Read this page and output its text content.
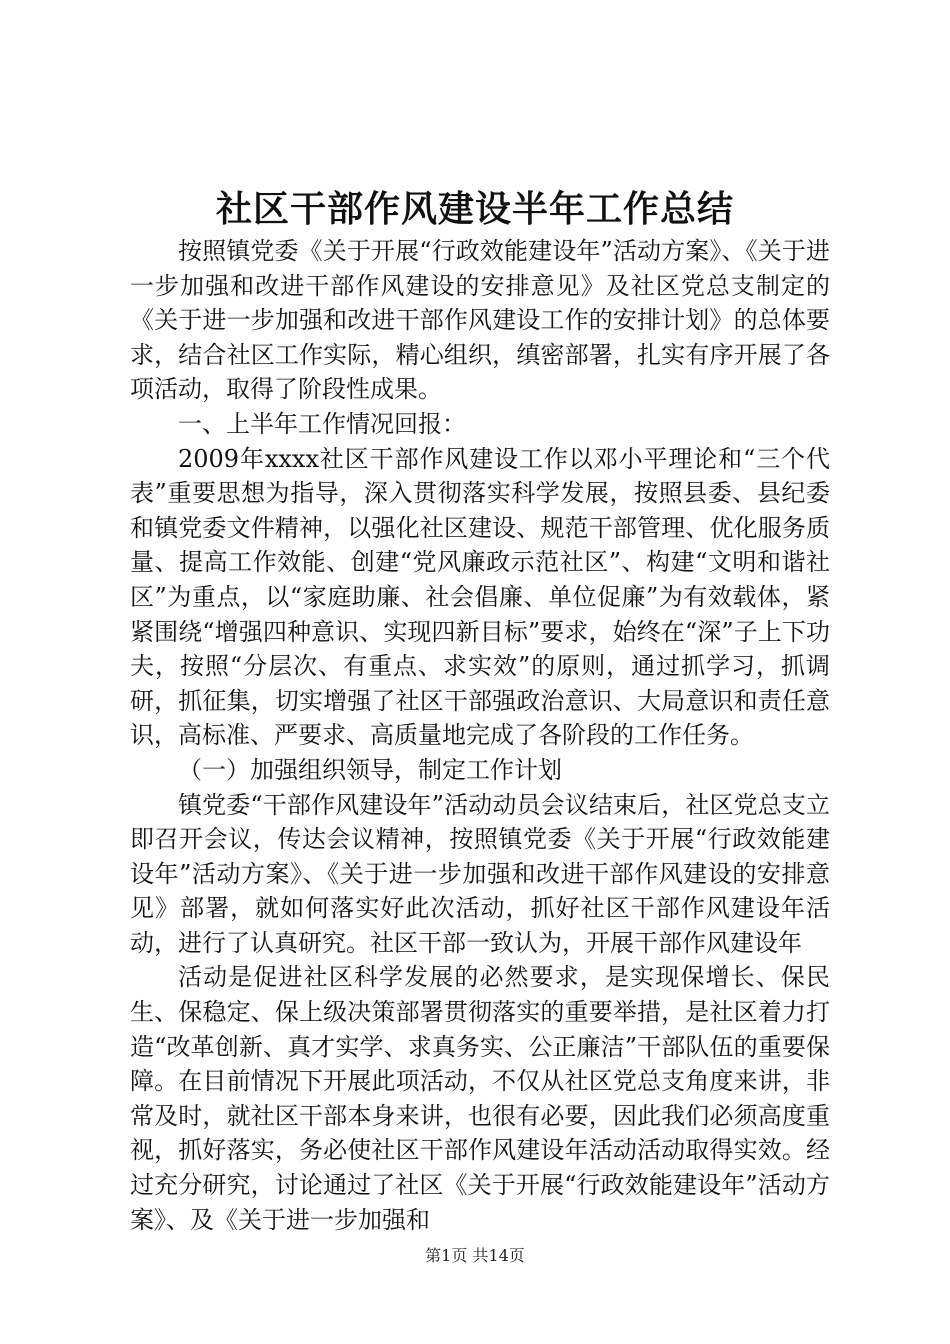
社区干部作风建设半年工作总结

按照镇党委《关于开展“行政效能建设年”活动方案》、《关于进一步加强和改进干部作风建设的安排意见》及社区党总支制定的《关于进一步加强和改进干部作风建设工作的安排计划》的总体要求，结合社区工作实际，精心组织，缜密部署，扎实有序开展了各项活动，取得了阶段性成果。

一、上半年工作情况回报：

2009年xxxx社区干部作风建设工作以邓小平理论和“三个代表”重要思想为指导，深入贯彻落实科学发展，按照县委、县纪委和镇党委文件精神，以强化社区建设、规范干部管理、优化服务质量、提高工作效能、创建“党风廉政示范社区”、构建“文明和谐社区”为重点，以“家庭助廉、社会倡廉、单位促廉”为有效载体，紧紧围绕“增强四种意识、实现四新目标”要求，始终在“深”子上下功夫，按照“分层次、有重点、求实效”的原则，通过抓学习，抓调研，抓征集，切实增强了社区干部强政治意识、大局意识和责任意识，高标准、严要求、高质量地完成了各阶段的工作任务。

（一）加强组织领导，制定工作计划

镇党委“干部作风建设年”活动动员会议结束后，社区党总支立即召开会议，传达会议精神，按照镇党委《关于开展“行政效能建设年”活动方案》、《关于进一步加强和改进干部作风建设的安排意见》部署，就如何落实好此次活动，抓好社区干部作风建设年活动，进行了认真研究。社区干部一致认为，开展干部作风建设年

活动是促进社区科学发展的必然要求，是实现保增长、保民生、保稳定、保上级决策部署贯彻落实的重要举措，是社区着力打造“改革创新、真才实学、求真务实、公正廉洁”干部队伍的重要保障。在目前情况下开展此项活动，不仅从社区党总支角度来讲，非常及时，就社区干部本身来讲，也很有必要，因此我们必须高度重视，抓好落实，务必使社区干部作风建设年活动活动取得实效。经过充分研究，讨论通过了社区《关于开展“行政效能建设年”活动方案》、及《关于进一步加强和

第1页 共14页
